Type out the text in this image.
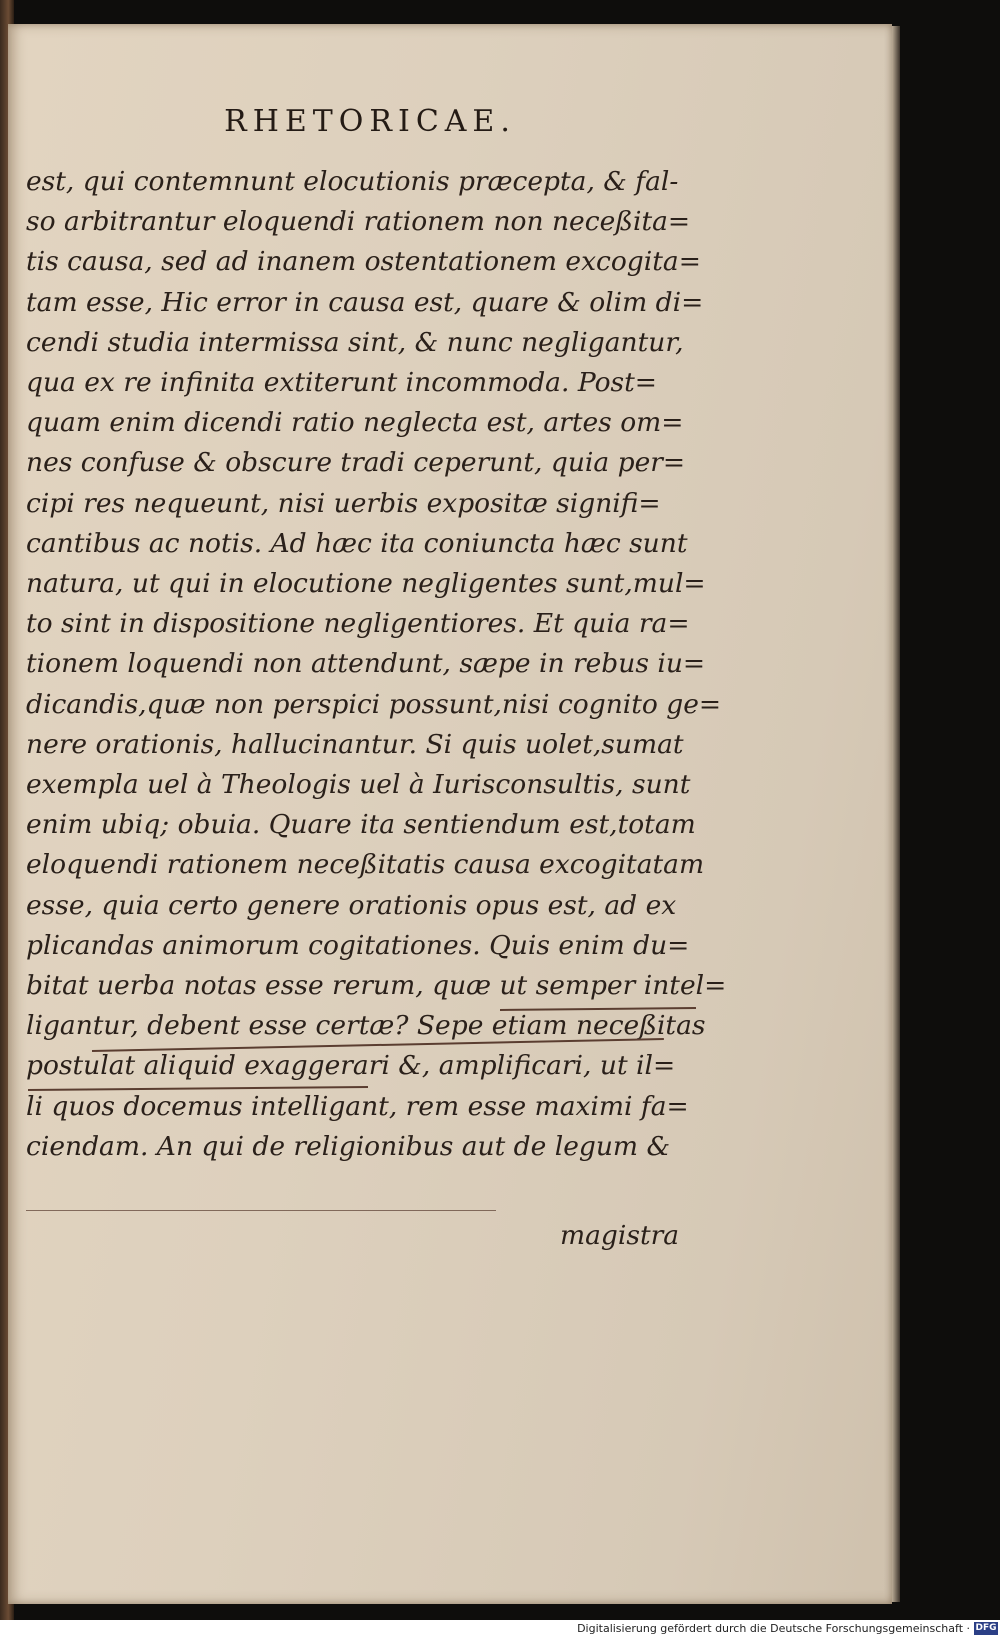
RHETORICAE.
est, qui contemnunt elocutionis præcepta, & fal-
so arbitrantur eloquendi rationem non neceßita=
tis causa, sed ad inanem ostentationem excogita=
tam esse, Hic error in causa est, quare & olim di=
cendi studia intermissa sint, & nunc negligantur,
qua ex re infinita extiterunt incommoda. Post=
quam enim dicendi ratio neglecta est, artes om=
nes confuse & obscure tradi ceperunt, quia per=
cipi res nequeunt, nisi uerbis expositæ signifi=
cantibus ac notis. Ad hæc ita coniuncta hæc sunt
natura, ut qui in elocutione negligentes sunt,mul=
to sint in dispositione negligentiores. Et quia ra=
tionem loquendi non attendunt, sæpe in rebus iu=
dicandis,quæ non perspici possunt,nisi cognito ge=
nere orationis, hallucinantur. Si quis uolet,sumat
exempla uel à Theologis uel à Iurisconsultis, sunt
enim ubiq; obuia. Quare ita sentiendum est,totam
eloquendi rationem neceßitatis causa excogitatam
esse, quia certo genere orationis opus est, ad ex
plicandas animorum cogitationes. Quis enim du=
bitat uerba notas esse rerum, quæ ut semper intel=
ligantur, debent esse certæ? Sepe etiam neceßitas
postulat aliquid exaggerari &, amplificari, ut il=
li quos docemus intelligant, rem esse maximi fa=
ciendam. An qui de religionibus aut de legum &
magistra
Digitalisierung gefördert durch die Deutsche Forschungsgemeinschaft · DFG
